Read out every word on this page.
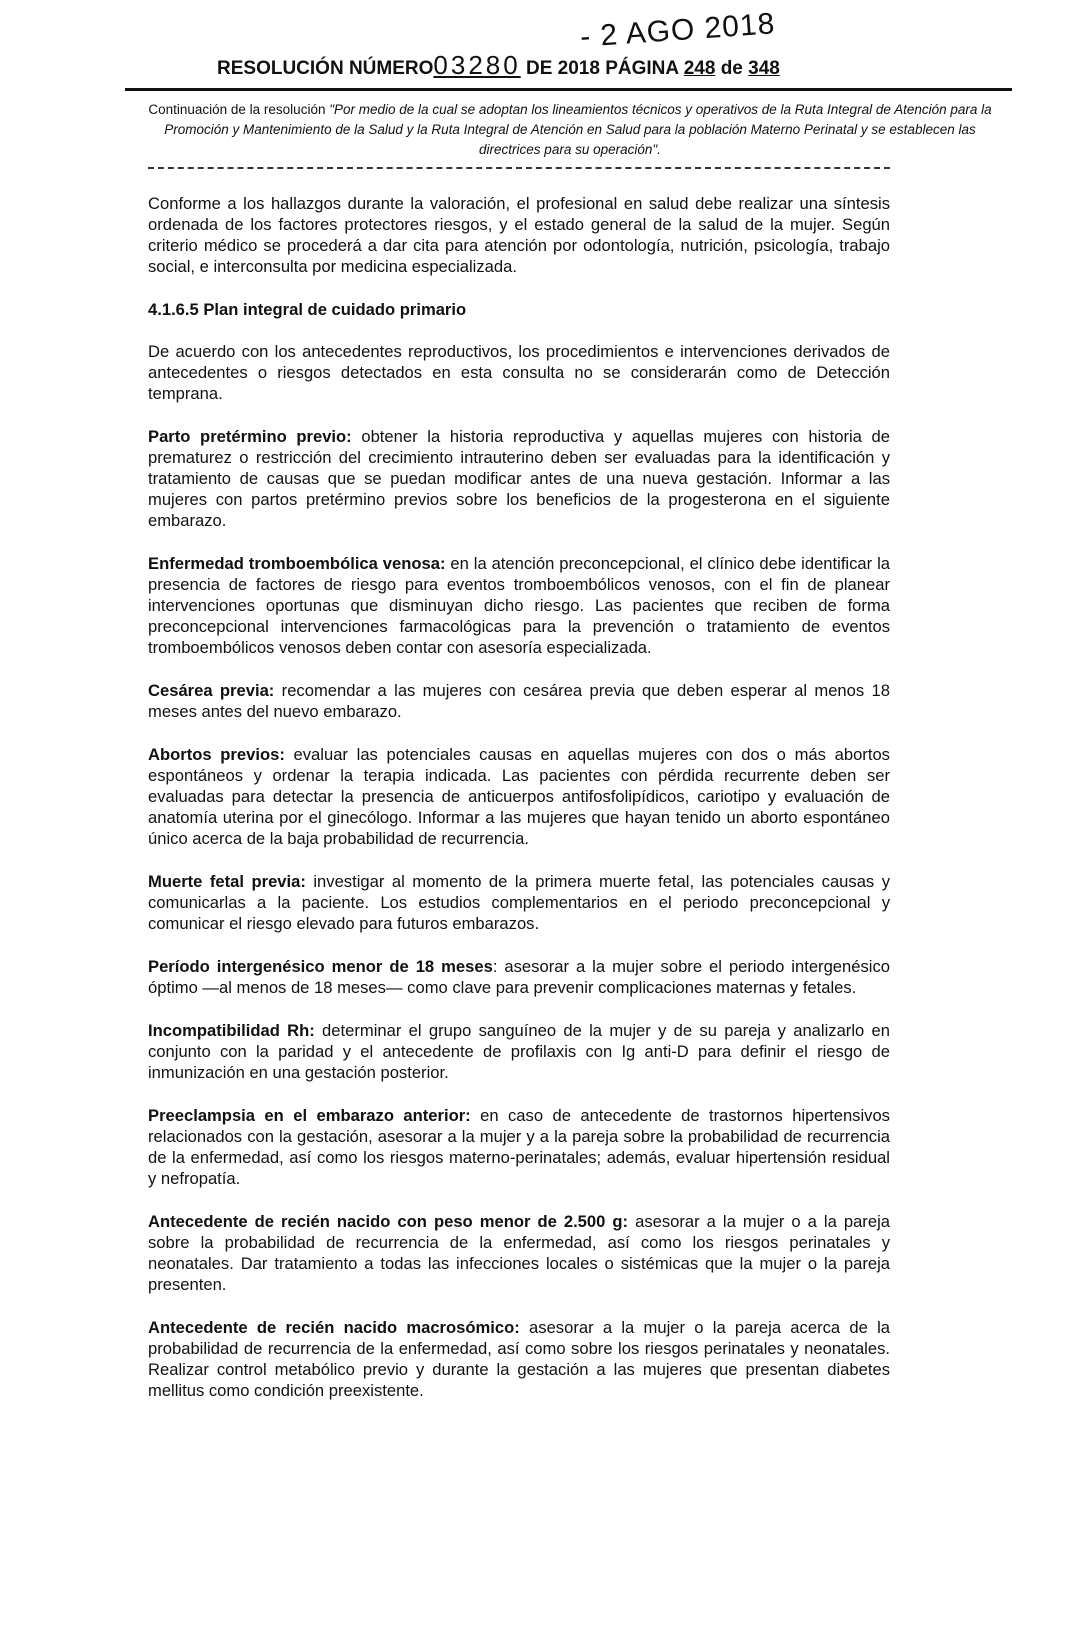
- 2 AGO 2018
RESOLUCIÓN NÚMERO03280 DE 2018 PÁGINA 248 de 348
Continuación de la resolución "Por medio de la cual se adoptan los lineamientos técnicos y operativos de la Ruta Integral de Atención para la Promoción y Mantenimiento de la Salud y la Ruta Integral de Atención en Salud para la población Materno Perinatal y se establecen las directrices para su operación".

Conforme a los hallazgos durante la valoración, el profesional en salud debe realizar una síntesis ordenada de los factores protectores riesgos, y el estado general de la salud de la mujer. Según criterio médico se procederá a dar cita para atención por odontología, nutrición, psicología, trabajo social, e interconsulta por medicina especializada.

4.1.6.5 Plan integral de cuidado primario

De acuerdo con los antecedentes reproductivos, los procedimientos e intervenciones derivados de antecedentes o riesgos detectados en esta consulta no se considerarán como de Detección temprana.

Parto pretérmino previo: obtener la historia reproductiva y aquellas mujeres con historia de prematurez o restricción del crecimiento intrauterino deben ser evaluadas para la identificación y tratamiento de causas que se puedan modificar antes de una nueva gestación. Informar a las mujeres con partos pretérmino previos sobre los beneficios de la progesterona en el siguiente embarazo.

Enfermedad tromboembólica venosa: en la atención preconcepcional, el clínico debe identificar la presencia de factores de riesgo para eventos tromboembólicos venosos, con el fin de planear intervenciones oportunas que disminuyan dicho riesgo. Las pacientes que reciben de forma preconcepcional intervenciones farmacológicas para la prevención o tratamiento de eventos tromboembólicos venosos deben contar con asesoría especializada.

Cesárea previa: recomendar a las mujeres con cesárea previa que deben esperar al menos 18 meses antes del nuevo embarazo.

Abortos previos: evaluar las potenciales causas en aquellas mujeres con dos o más abortos espontáneos y ordenar la terapia indicada. Las pacientes con pérdida recurrente deben ser evaluadas para detectar la presencia de anticuerpos antifosfolipídicos, cariotipo y evaluación de anatomía uterina por el ginecólogo. Informar a las mujeres que hayan tenido un aborto espontáneo único acerca de la baja probabilidad de recurrencia.

Muerte fetal previa: investigar al momento de la primera muerte fetal, las potenciales causas y comunicarlas a la paciente. Los estudios complementarios en el periodo preconcepcional y comunicar el riesgo elevado para futuros embarazos.

Período intergenésico menor de 18 meses: asesorar a la mujer sobre el periodo intergenésico óptimo —al menos de 18 meses— como clave para prevenir complicaciones maternas y fetales.

Incompatibilidad Rh: determinar el grupo sanguíneo de la mujer y de su pareja y analizarlo en conjunto con la paridad y el antecedente de profilaxis con Ig anti-D para definir el riesgo de inmunización en una gestación posterior.

Preeclampsia en el embarazo anterior: en caso de antecedente de trastornos hipertensivos relacionados con la gestación, asesorar a la mujer y a la pareja sobre la probabilidad de recurrencia de la enfermedad, así como los riesgos materno-perinatales; además, evaluar hipertensión residual y nefropatía.

Antecedente de recién nacido con peso menor de 2.500 g: asesorar a la mujer o a la pareja sobre la probabilidad de recurrencia de la enfermedad, así como los riesgos perinatales y neonatales. Dar tratamiento a todas las infecciones locales o sistémicas que la mujer o la pareja presenten.

Antecedente de recién nacido macrosómico: asesorar a la mujer o la pareja acerca de la probabilidad de recurrencia de la enfermedad, así como sobre los riesgos perinatales y neonatales. Realizar control metabólico previo y durante la gestación a las mujeres que presentan diabetes mellitus como condición preexistente.
